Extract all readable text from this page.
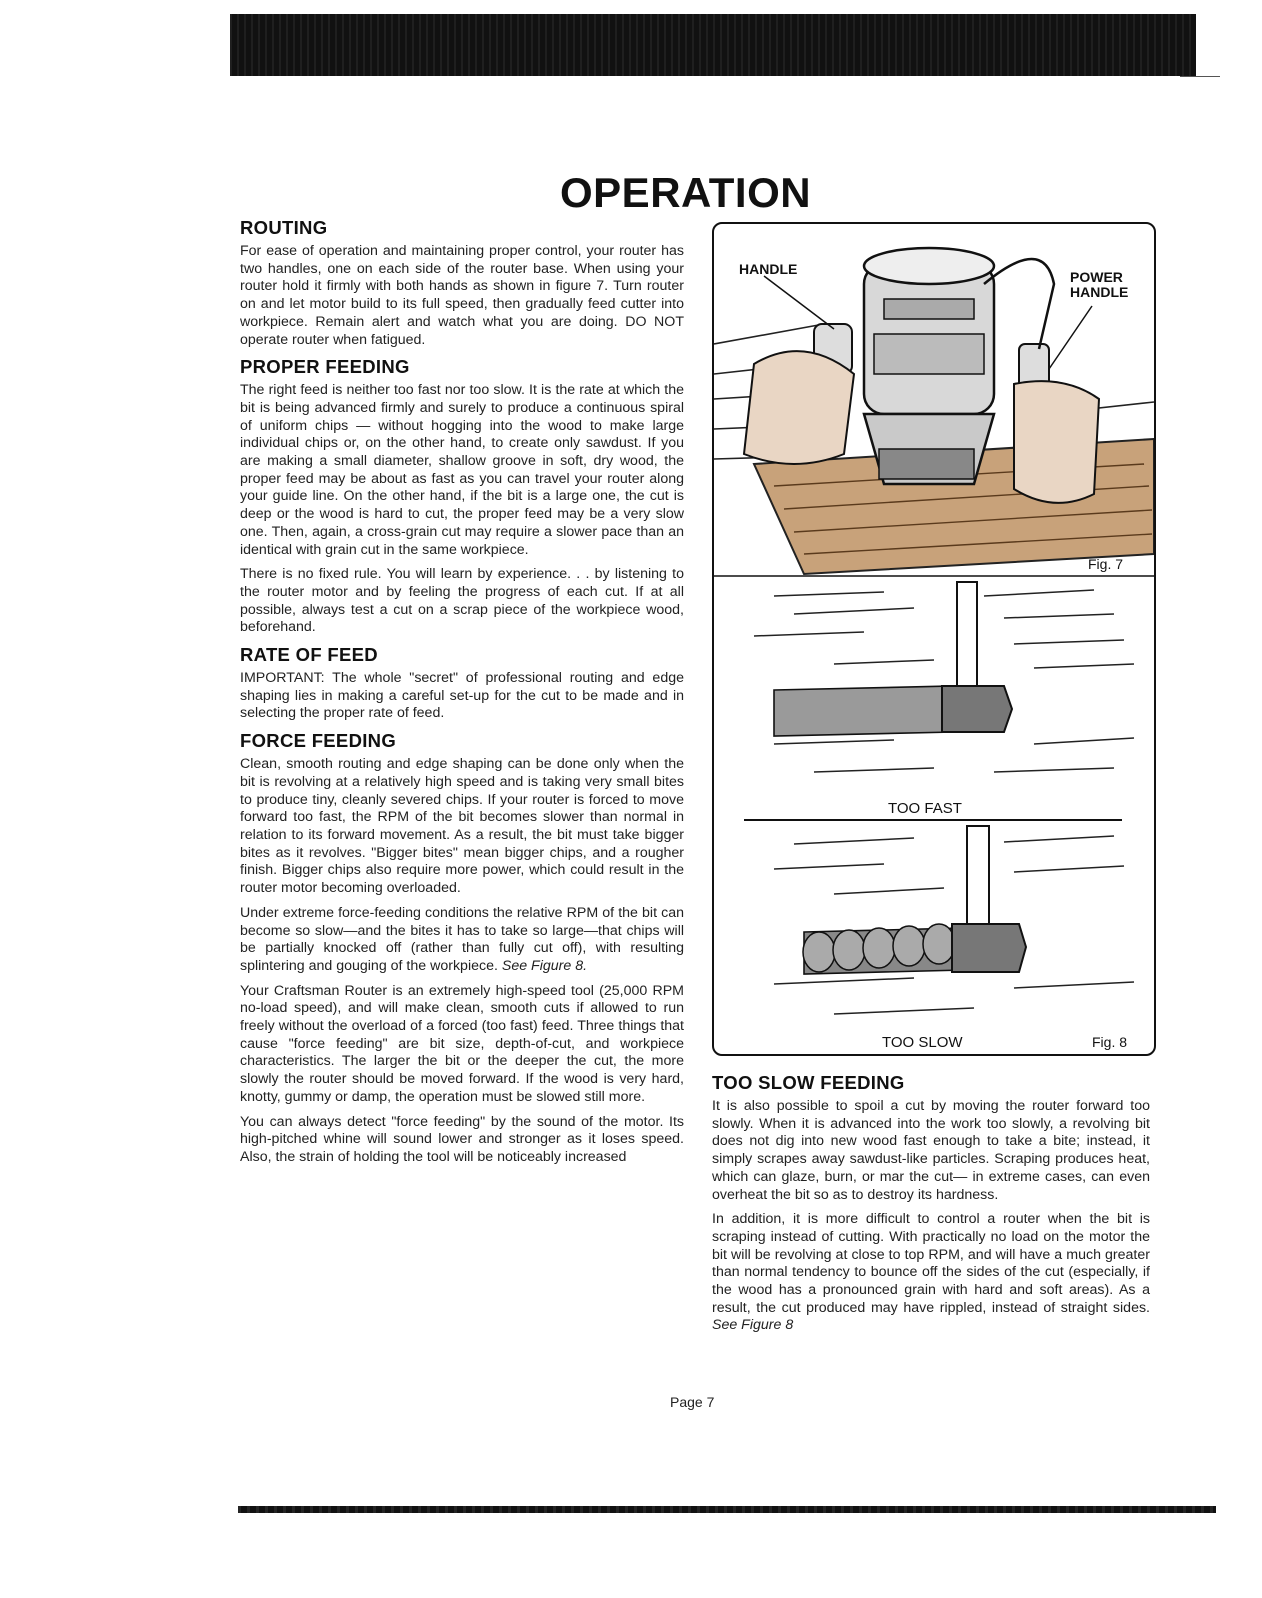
OPERATION
ROUTING

For ease of operation and maintaining proper control, your router has two handles, one on each side of the router base. When using your router hold it firmly with both hands as shown in figure 7. Turn router on and let motor build to its full speed, then gradually feed cutter into workpiece. Remain alert and watch what you are doing. DO NOT operate router when fatigued.

PROPER FEEDING

The right feed is neither too fast nor too slow. It is the rate at which the bit is being advanced firmly and surely to produce a continuous spiral of uniform chips — without hogging into the wood to make large individual chips or, on the other hand, to create only sawdust. If you are making a small diameter, shallow groove in soft, dry wood, the proper feed may be about as fast as you can travel your router along your guide line. On the other hand, if the bit is a large one, the cut is deep or the wood is hard to cut, the proper feed may be a very slow one. Then, again, a cross-grain cut may require a slower pace than an identical with grain cut in the same workpiece.

There is no fixed rule. You will learn by experience. . . by listening to the router motor and by feeling the progress of each cut. If at all possible, always test a cut on a scrap piece of the workpiece wood, beforehand.

RATE OF FEED

IMPORTANT: The whole "secret" of professional routing and edge shaping lies in making a careful set-up for the cut to be made and in selecting the proper rate of feed.

FORCE FEEDING

Clean, smooth routing and edge shaping can be done only when the bit is revolving at a relatively high speed and is taking very small bites to produce tiny, cleanly severed chips. If your router is forced to move forward too fast, the RPM of the bit becomes slower than normal in relation to its forward movement. As a result, the bit must take bigger bites as it revolves. "Bigger bites" mean bigger chips, and a rougher finish. Bigger chips also require more power, which could result in the router motor becoming overloaded.

Under extreme force-feeding conditions the relative RPM of the bit can become so slow—and the bites it has to take so large—that chips will be partially knocked off (rather than fully cut off), with resulting splintering and gouging of the workpiece. See Figure 8.

Your Craftsman Router is an extremely high-speed tool (25,000 RPM no-load speed), and will make clean, smooth cuts if allowed to run freely without the overload of a forced (too fast) feed. Three things that cause "force feeding" are bit size, depth-of-cut, and workpiece characteristics. The larger the bit or the deeper the cut, the more slowly the router should be moved forward. If the wood is very hard, knotty, gummy or damp, the operation must be slowed still more.

You can always detect "force feeding" by the sound of the motor. Its high-pitched whine will sound lower and stronger as it loses speed. Also, the strain of holding the tool will be noticeably increased

HANDLE	POWER
HANDLE
Fig. 7
TOO FAST
TOO SLOW	Fig. 8
TOO SLOW FEEDING

It is also possible to spoil a cut by moving the router forward too slowly. When it is advanced into the work too slowly, a revolving bit does not dig into new wood fast enough to take a bite; instead, it simply scrapes away sawdust-like particles. Scraping produces heat, which can glaze, burn, or mar the cut— in extreme cases, can even overheat the bit so as to destroy its hardness.

In addition, it is more difficult to control a router when the bit is scraping instead of cutting. With practically no load on the motor the bit will be revolving at close to top RPM, and will have a much greater than normal tendency to bounce off the sides of the cut (especially, if the wood has a pronounced grain with hard and soft areas). As a result, the cut produced may have rippled, instead of straight sides. See Figure 8

Page 7
